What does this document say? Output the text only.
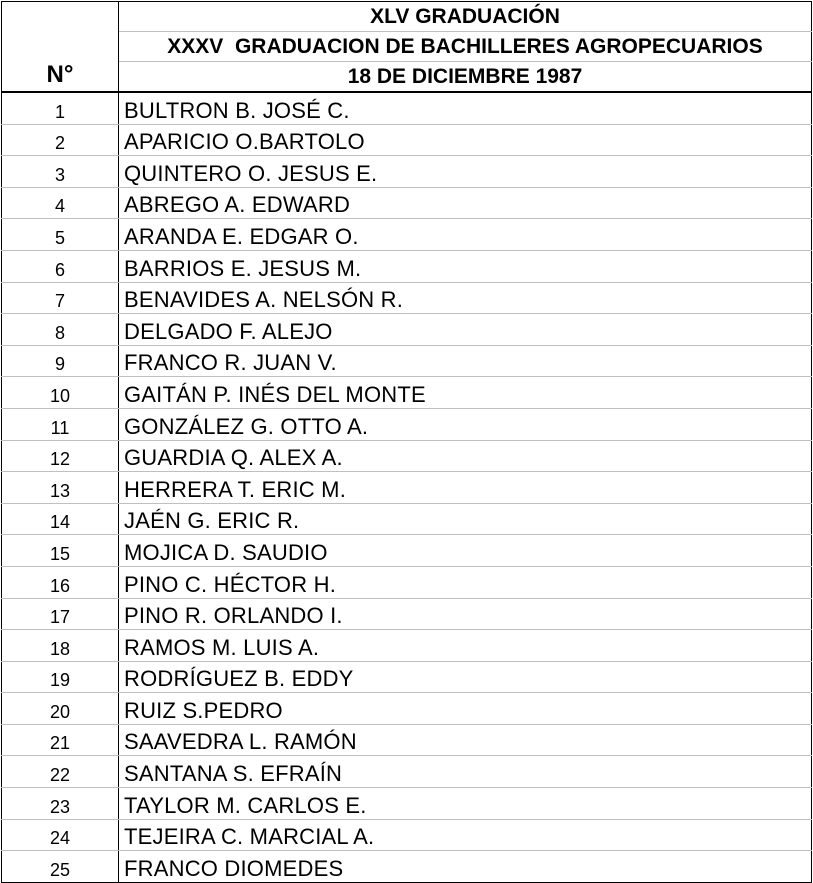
N°	XLV GRADUACIÓN
	XXXV  GRADUACION DE BACHILLERES AGROPECUARIOS
	18 DE DICIEMBRE 1987
1	BULTRON B. JOSÉ C.
2	APARICIO O.BARTOLO
3	QUINTERO O. JESUS E.
4	ABREGO A. EDWARD
5	ARANDA E. EDGAR O.
6	BARRIOS E. JESUS M.
7	BENAVIDES A. NELSÓN R.
8	DELGADO F. ALEJO
9	FRANCO R. JUAN V.
10	GAITÁN P. INÉS DEL MONTE
11	GONZÁLEZ G. OTTO A.
12	GUARDIA Q. ALEX A.
13	HERRERA T. ERIC M.
14	JAÉN G. ERIC R.
15	MOJICA D. SAUDIO
16	PINO C. HÉCTOR H.
17	PINO R. ORLANDO I.
18	RAMOS M. LUIS A.
19	RODRÍGUEZ B. EDDY
20	RUIZ S.PEDRO
21	SAAVEDRA L. RAMÓN
22	SANTANA S. EFRAÍN
23	TAYLOR M. CARLOS E.
24	TEJEIRA C. MARCIAL A.
25	FRANCO DIOMEDES
